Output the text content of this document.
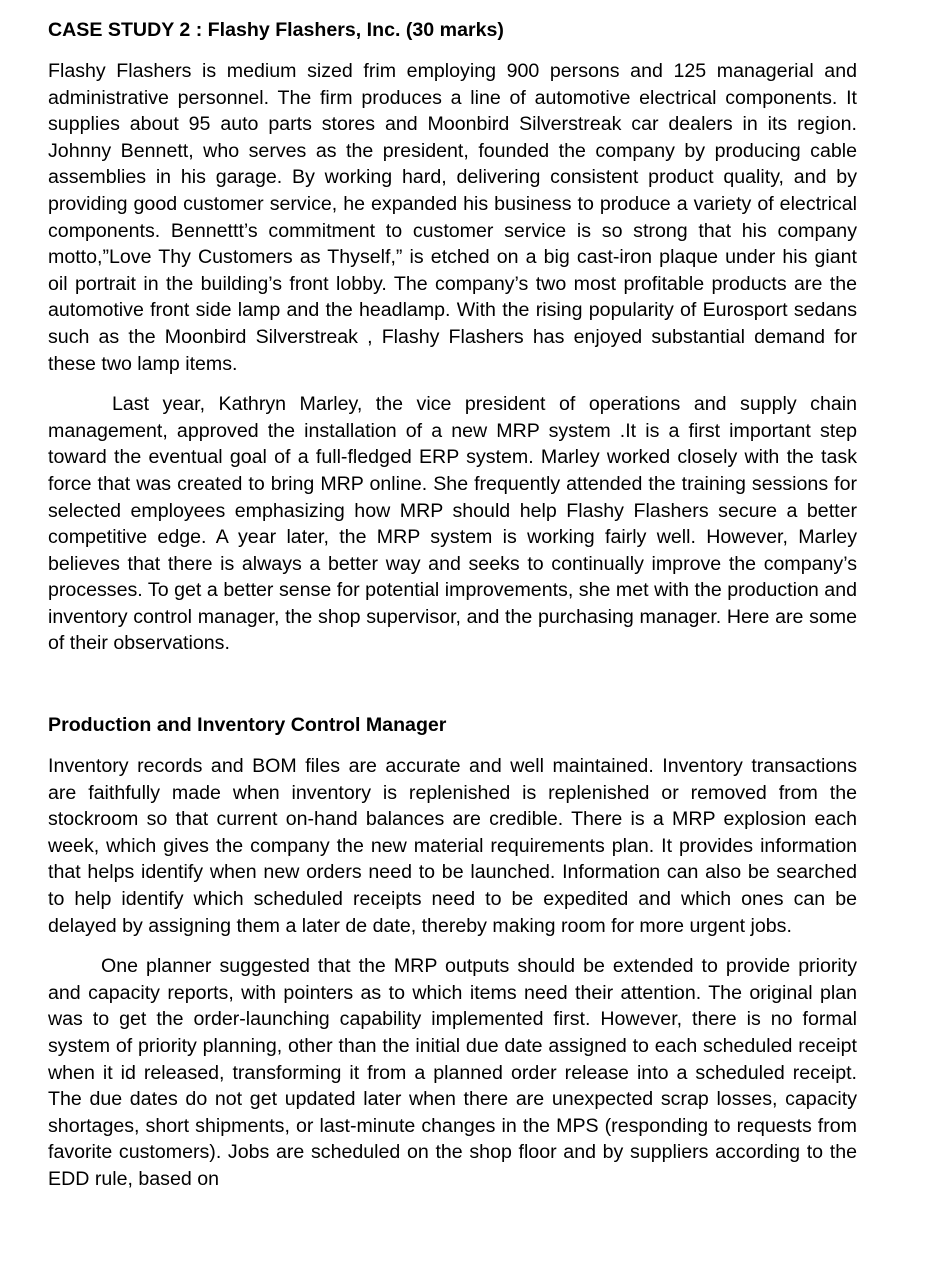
CASE STUDY 2 : Flashy Flashers, Inc. (30 marks)

Flashy Flashers is medium sized frim employing 900 persons and 125 managerial and administrative personnel. The firm produces a line of automotive electrical components. It supplies about 95 auto parts stores and Moonbird Silverstreak car dealers in its region. Johnny Bennett, who serves as the president, founded the company by producing cable assemblies in his garage. By working hard, delivering consistent product quality, and by providing good customer service, he expanded his business to produce a variety of electrical components. Bennettt’s commitment to customer service is so strong that his company motto,”Love Thy Customers as Thyself,” is etched on a big cast-iron plaque under his giant oil portrait in the building’s front lobby. The company’s two most profitable products are the automotive front side lamp and the headlamp. With the rising popularity of Eurosport sedans such as the Moonbird Silverstreak , Flashy Flashers has enjoyed substantial demand for these two lamp items.

Last year, Kathryn Marley, the vice president of operations and supply chain management, approved the installation of a new MRP system .It is a first important step toward the eventual goal of a full-fledged ERP system. Marley worked closely with the task force that was created to bring MRP online. She frequently attended the training sessions for selected employees emphasizing how MRP should help Flashy Flashers secure a better competitive edge. A year later, the MRP system is working fairly well. However, Marley believes that there is always a better way and seeks to continually improve the company’s processes. To get a better sense for potential improvements, she met with the production and inventory control manager, the shop supervisor, and the purchasing manager. Here are some of their observations.

Production and Inventory Control Manager

Inventory records and BOM files are accurate and well maintained. Inventory transactions are faithfully made when inventory is replenished is replenished or removed from the stockroom so that current on-hand balances are credible. There is a MRP explosion each week, which gives the company the new material requirements plan. It provides information that helps identify when new orders need to be launched. Information can also be searched to help identify which scheduled receipts need to be expedited and which ones can be delayed by assigning them a later de date, thereby making room for more urgent jobs.

One planner suggested that the MRP outputs should be extended to provide priority and capacity reports, with pointers as to which items need their attention. The original plan was to get the order-launching capability implemented first. However, there is no formal system of priority planning, other than the initial due date assigned to each scheduled receipt when it id released, transforming it from a planned order release into a scheduled receipt. The due dates do not get updated later when there are unexpected scrap losses, capacity shortages, short shipments, or last-minute changes in the MPS (responding to requests from favorite customers). Jobs are scheduled on the shop floor and by suppliers according to the EDD rule, based on
